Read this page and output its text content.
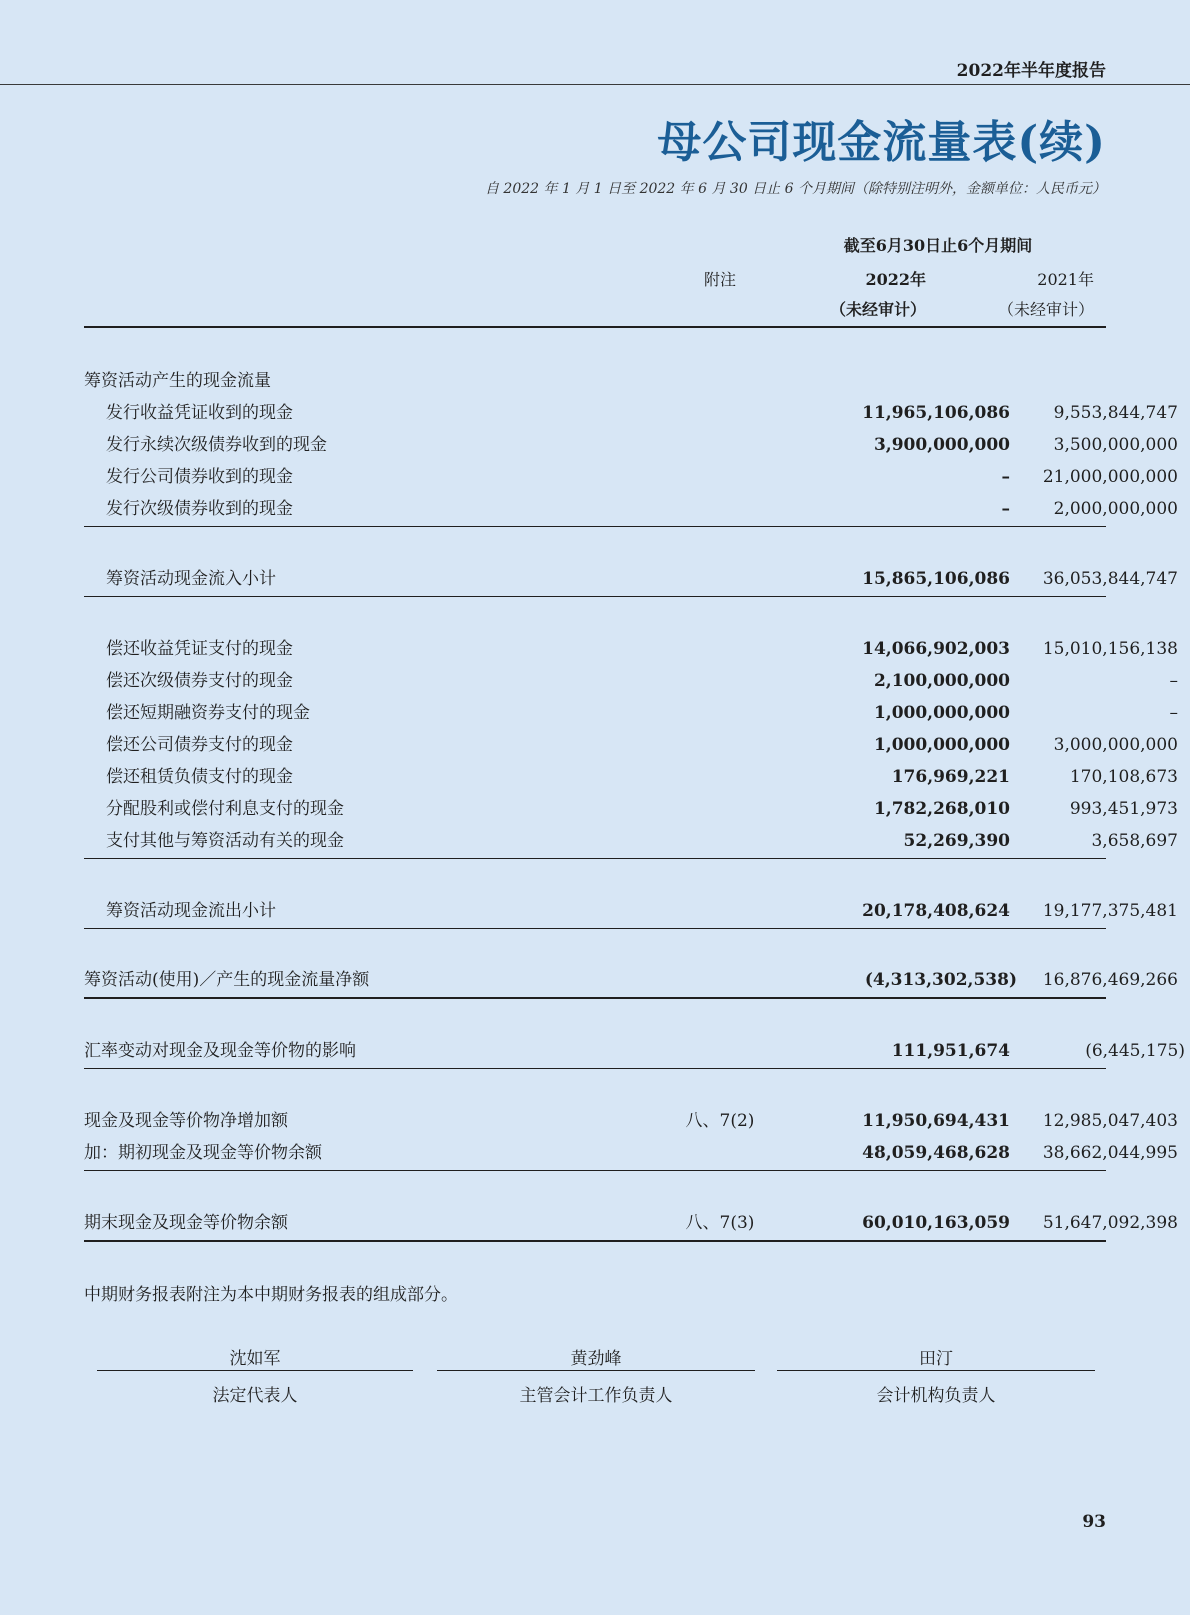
2022年半年度报告
母公司现金流量表(续)
自 2022 年 1 月 1 日至 2022 年 6 月 30 日止 6 个月期间（除特别注明外，金额单位：人民币元）
截至6月30日止6个月期间
附注	2022年	2021年
（未经审计）	（未经审计）
筹资活动产生的现金流量
发行收益凭证收到的现金	11,965,106,086	9,553,844,747
发行永续次级债券收到的现金	3,900,000,000	3,500,000,000
发行公司债券收到的现金	–	21,000,000,000
发行次级债券收到的现金	–	2,000,000,000
筹资活动现金流入小计	15,865,106,086	36,053,844,747
偿还收益凭证支付的现金	14,066,902,003	15,010,156,138
偿还次级债券支付的现金	2,100,000,000	–
偿还短期融资券支付的现金	1,000,000,000	–
偿还公司债券支付的现金	1,000,000,000	3,000,000,000
偿还租赁负债支付的现金	176,969,221	170,108,673
分配股利或偿付利息支付的现金	1,782,268,010	993,451,973
支付其他与筹资活动有关的现金	52,269,390	3,658,697
筹资活动现金流出小计	20,178,408,624	19,177,375,481
筹资活动(使用)／产生的现金流量净额	(4,313,302,538)	16,876,469,266
汇率变动对现金及现金等价物的影响	111,951,674	(6,445,175)
现金及现金等价物净增加额	八、7(2)	11,950,694,431	12,985,047,403
加：期初现金及现金等价物余额	48,059,468,628	38,662,044,995
期末现金及现金等价物余额	八、7(3)	60,010,163,059	51,647,092,398
中期财务报表附注为本中期财务报表的组成部分。
沈如军
法定代表人
黄劲峰
主管会计工作负责人
田汀
会计机构负责人
93
